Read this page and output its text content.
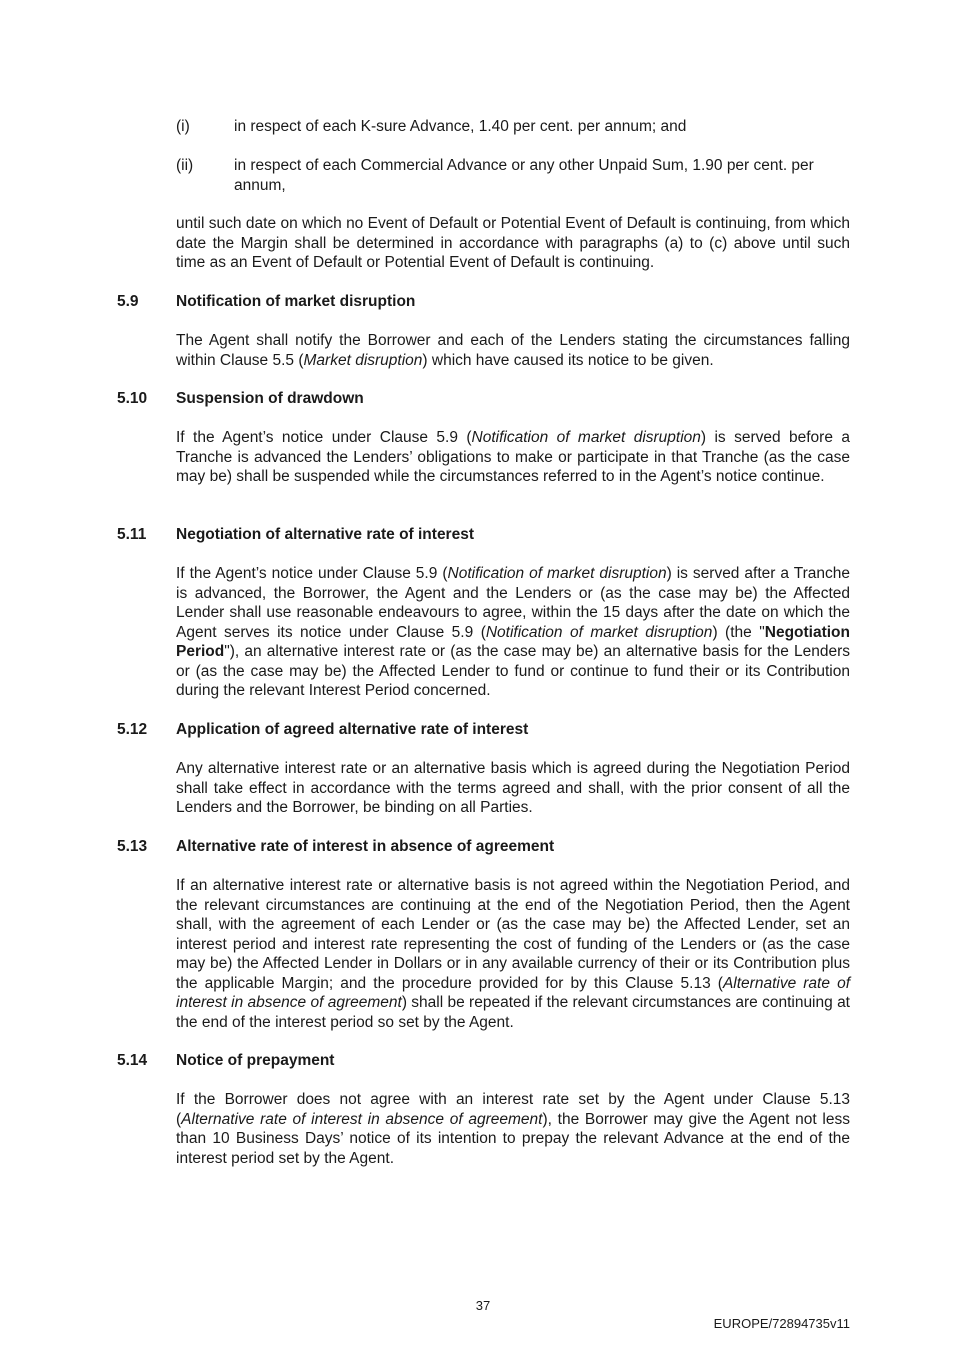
(i)	in respect of each K-sure Advance, 1.40 per cent. per annum; and
(ii)	in respect of each Commercial Advance or any other Unpaid Sum, 1.90 per cent. per annum,

until such date on which no Event of Default or Potential Event of Default is continuing, from which date the Margin shall be determined in accordance with paragraphs (a) to (c) above until such time as an Event of Default or Potential Event of Default is continuing.

5.9 Notification of market disruption

The Agent shall notify the Borrower and each of the Lenders stating the circumstances falling within Clause 5.5 (Market disruption) which have caused its notice to be given.

5.10 Suspension of drawdown

If the Agent’s notice under Clause 5.9 (Notification of market disruption) is served before a Tranche is advanced the Lenders’ obligations to make or participate in that Tranche (as the case may be) shall be suspended while the circumstances referred to in the Agent’s notice continue.

5.11 Negotiation of alternative rate of interest

If the Agent’s notice under Clause 5.9 (Notification of market disruption) is served after a Tranche is advanced, the Borrower, the Agent and the Lenders or (as the case may be) the Affected Lender shall use reasonable endeavours to agree, within the 15 days after the date on which the Agent serves its notice under Clause 5.9 (Notification of market disruption) (the "Negotiation Period"), an alternative interest rate or (as the case may be) an alternative basis for the Lenders or (as the case may be) the Affected Lender to fund or continue to fund their or its Contribution during the relevant Interest Period concerned.

5.12 Application of agreed alternative rate of interest

Any alternative interest rate or an alternative basis which is agreed during the Negotiation Period shall take effect in accordance with the terms agreed and shall, with the prior consent of all the Lenders and the Borrower, be binding on all Parties.

5.13 Alternative rate of interest in absence of agreement

If an alternative interest rate or alternative basis is not agreed within the Negotiation Period, and the relevant circumstances are continuing at the end of the Negotiation Period, then the Agent shall, with the agreement of each Lender or (as the case may be) the Affected Lender, set an interest period and interest rate representing the cost of funding of the Lenders or (as the case may be) the Affected Lender in Dollars or in any available currency of their or its Contribution plus the applicable Margin; and the procedure provided for by this Clause 5.13 (Alternative rate of interest in absence of agreement) shall be repeated if the relevant circumstances are continuing at the end of the interest period so set by the Agent.

5.14 Notice of prepayment

If the Borrower does not agree with an interest rate set by the Agent under Clause 5.13 (Alternative rate of interest in absence of agreement), the Borrower may give the Agent not less than 10 Business Days’ notice of its intention to prepay the relevant Advance at the end of the interest period set by the Agent.

37
EUROPE/72894735v11
